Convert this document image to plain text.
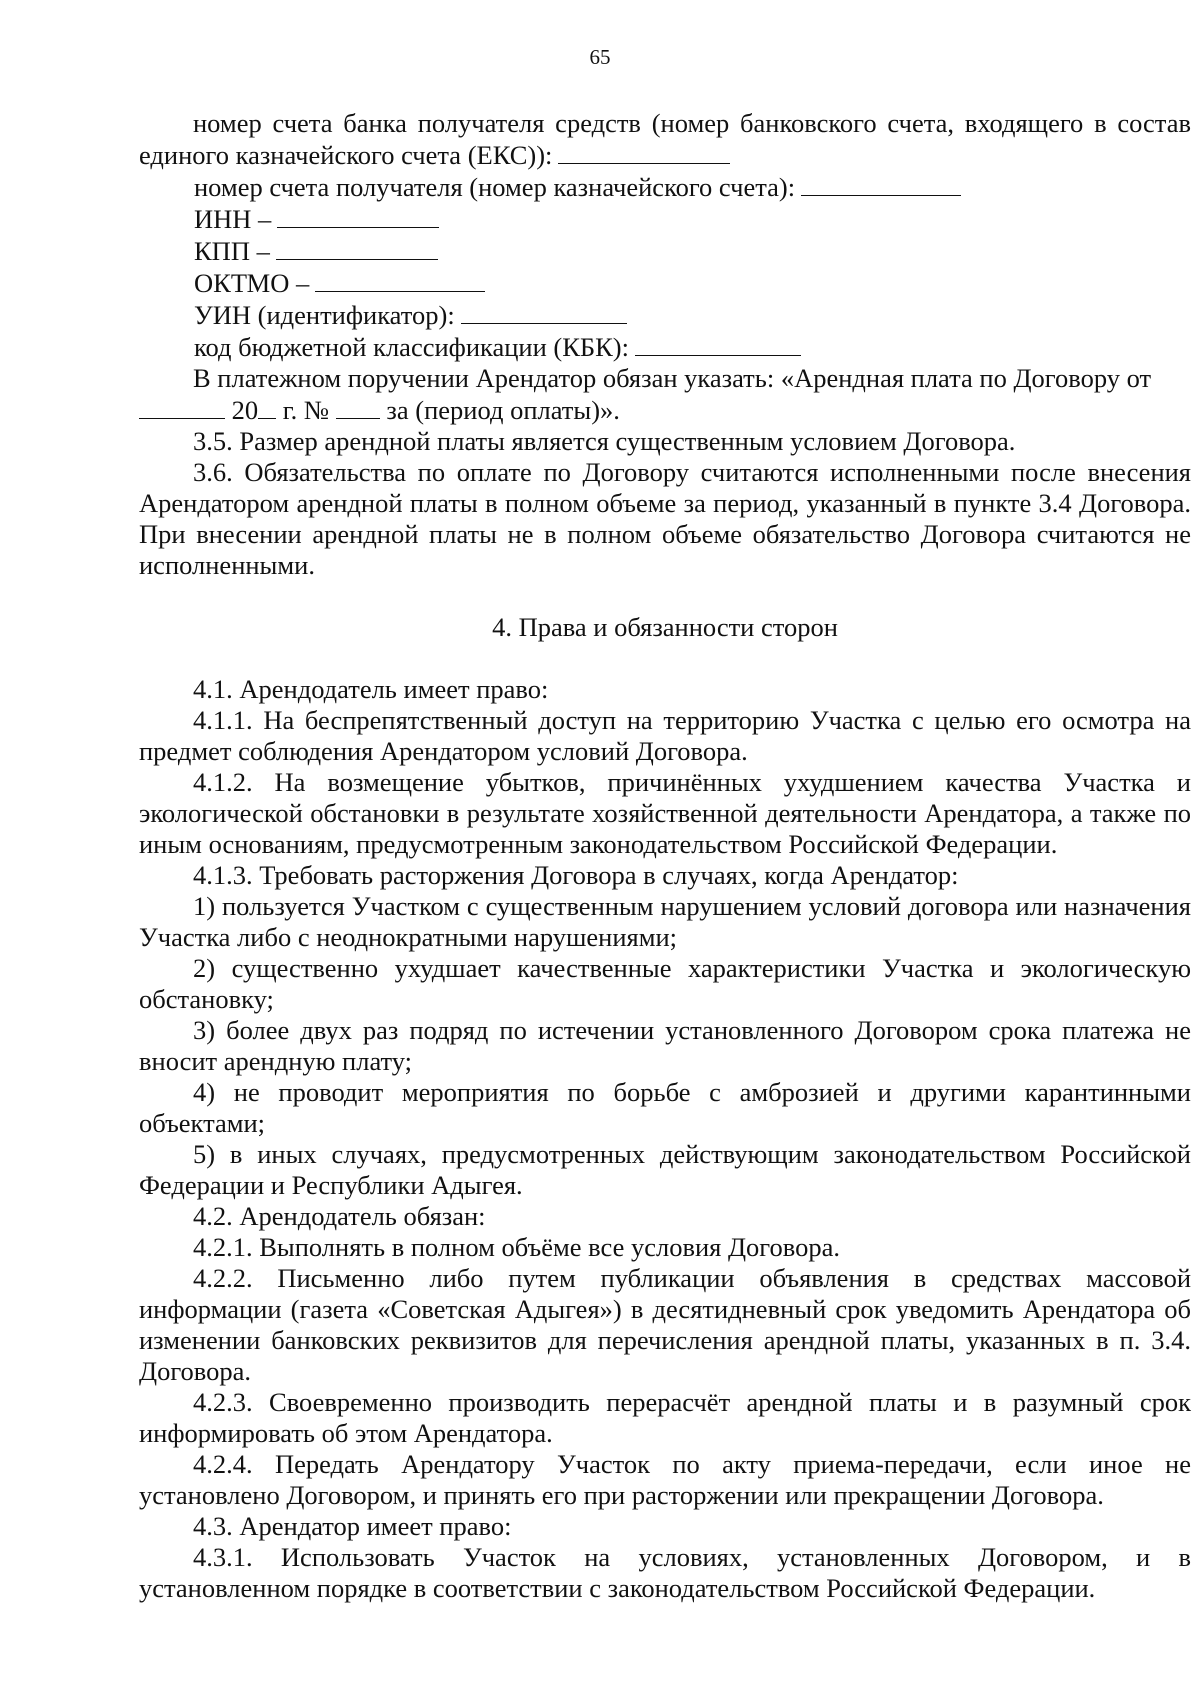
65

номер счета банка получателя средств (номер банковского счета, входящего в состав единого казначейского счета (ЕКС)):

номер счета получателя (номер казначейского счета):

ИНН –

КПП –

ОКТМО –

УИН (идентификатор):

код бюджетной классификации (КБК):

В платежном поручении Арендатор обязан указать: «Арендная плата по Договору от

20 г. № за (период оплаты)».

3.5. Размер арендной платы является существенным условием Договора.

3.6. Обязательства по оплате по Договору считаются исполненными после внесения Арендатором арендной платы в полном объеме за период, указанный в пункте 3.4 Договора. При внесении арендной платы не в полном объеме обязательство Договора считаются не исполненными.

4. Права и обязанности сторон

4.1. Арендодатель имеет право:

4.1.1. На беспрепятственный доступ на территорию Участка с целью его осмотра на предмет соблюдения Арендатором условий Договора.

4.1.2. На возмещение убытков, причинённых ухудшением качества Участка и экологической обстановки в результате хозяйственной деятельности Арендатора, а также по иным основаниям, предусмотренным законодательством Российской Федерации.

4.1.3. Требовать расторжения Договора в случаях, когда Арендатор:

1) пользуется Участком с существенным нарушением условий договора или назначения Участка либо с неоднократными нарушениями;

2) существенно ухудшает качественные характеристики Участка и экологическую обстановку;

3) более двух раз подряд по истечении установленного Договором срока платежа не вносит арендную плату;

4) не проводит мероприятия по борьбе с амброзией и другими карантинными объектами;

5) в иных случаях, предусмотренных действующим законодательством Российской Федерации и Республики Адыгея.

4.2. Арендодатель обязан:

4.2.1. Выполнять в полном объёме все условия Договора.

4.2.2. Письменно либо путем публикации объявления в средствах массовой информации (газета «Советская Адыгея») в десятидневный срок уведомить Арендатора об изменении банковских реквизитов для перечисления арендной платы, указанных в п. 3.4. Договора.

4.2.3. Своевременно производить перерасчёт арендной платы и в разумный срок информировать об этом Арендатора.

4.2.4. Передать Арендатору Участок по акту приема-передачи, если иное не установлено Договором, и принять его при расторжении или прекращении Договора.

4.3. Арендатор имеет право:

4.3.1. Использовать Участок на условиях, установленных Договором, и в установленном порядке в соответствии с законодательством Российской Федерации.
